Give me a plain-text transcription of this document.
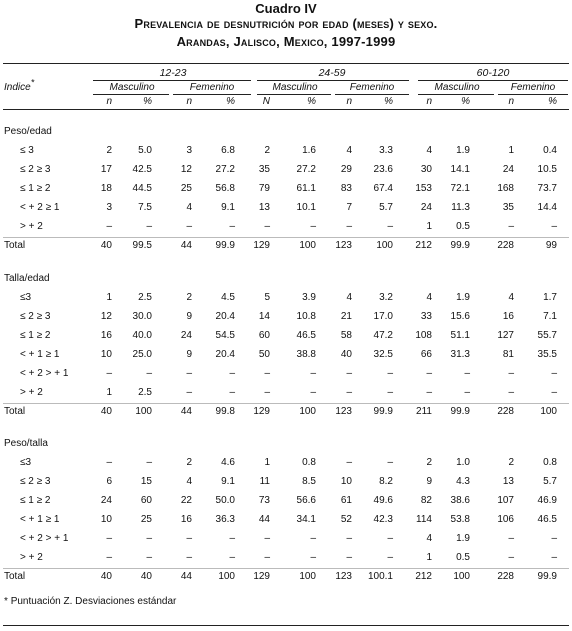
Cuadro IV
Prevalencia de desnutrición por edad (meses) y sexo.
Arandas, Jalisco, Mexico, 1997-1999
Indice*
12-23	24-59	60-120
Masculino	Femenino	Masculino	Femenino	Masculino	Femenino
n	%	n	%	N	%	n	%	n	%	n	%
Peso/edad
≤ 3	2	5.0	3	6.8	2	1.6	4	3.3	4	1.9	1	0.4
≤ 2 ≥ 3	17	42.5	12	27.2	35	27.2	29	23.6	30	14.1	24	10.5
≤ 1 ≥ 2	18	44.5	25	56.8	79	61.1	83	67.4	153	72.1	168	73.7
< + 2 ≥ 1	3	7.5	4	9.1	13	10.1	7	5.7	24	11.3	35	14.4
> + 2	–	–	–	–	–	–	–	–	1	0.5	–	–
Total	40	99.5	44	99.9	129	100	123	100	212	99.9	228	99
Talla/edad
≤3	1	2.5	2	4.5	5	3.9	4	3.2	4	1.9	4	1.7
≤ 2 ≥ 3	12	30.0	9	20.4	14	10.8	21	17.0	33	15.6	16	7.1
≤ 1 ≥ 2	16	40.0	24	54.5	60	46.5	58	47.2	108	51.1	127	55.7
< + 1 ≥ 1	10	25.0	9	20.4	50	38.8	40	32.5	66	31.3	81	35.5
< + 2 > + 1	–	–	–	–	–	–	–	–	–	–	–	–
> + 2	1	2.5	–	–	–	–	–	–	–	–	–	–
Total	40	100	44	99.8	129	100	123	99.9	211	99.9	228	100
Peso/talla
≤3	–	–	2	4.6	1	0.8	–	–	2	1.0	2	0.8
≤ 2 ≥ 3	6	15	4	9.1	11	8.5	10	8.2	9	4.3	13	5.7
≤ 1 ≥ 2	24	60	22	50.0	73	56.6	61	49.6	82	38.6	107	46.9
< + 1 ≥ 1	10	25	16	36.3	44	34.1	52	42.3	114	53.8	106	46.5
< + 2 > + 1	–	–	–	–	–	–	–	–	4	1.9	–	–
> + 2	–	–	–	–	–	–	–	–	1	0.5	–	–
Total	40	40	44	100	129	100	123	100.1	212	100	228	99.9
* Puntuación Z. Desviaciones estándar
